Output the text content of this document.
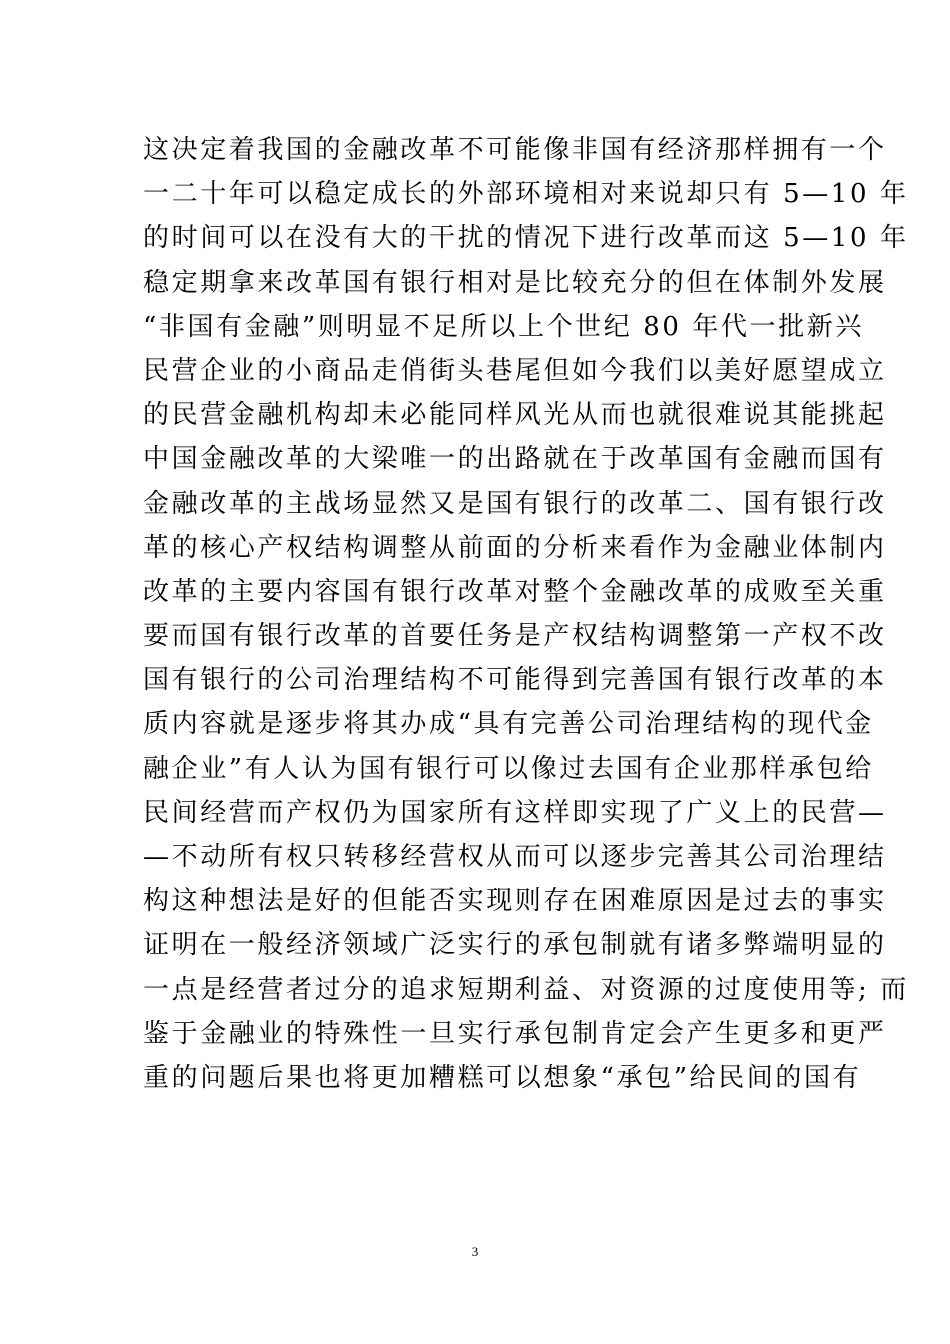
这决定着我国的金融改革不可能像非国有经济那样拥有一个
一二十年可以稳定成长的外部环境相对来说却只有 5—10 年
的时间可以在没有大的干扰的情况下进行改革而这 5—10 年
稳定期拿来改革国有银行相对是比较充分的但在体制外发展
“非国有金融”则明显不足所以上个世纪 80 年代一批新兴
民营企业的小商品走俏街头巷尾但如今我们以美好愿望成立
的民营金融机构却未必能同样风光从而也就很难说其能挑起
中国金融改革的大梁唯一的出路就在于改革国有金融而国有
金融改革的主战场显然又是国有银行的改革二、国有银行改
革的核心产权结构调整从前面的分析来看作为金融业体制内
改革的主要内容国有银行改革对整个金融改革的成败至关重
要而国有银行改革的首要任务是产权结构调整第一产权不改
国有银行的公司治理结构不可能得到完善国有银行改革的本
质内容就是逐步将其办成“具有完善公司治理结构的现代金
融企业”有人认为国有银行可以像过去国有企业那样承包给
民间经营而产权仍为国家所有这样即实现了广义上的民营—
—不动所有权只转移经营权从而可以逐步完善其公司治理结
构这种想法是好的但能否实现则存在困难原因是过去的事实
证明在一般经济领域广泛实行的承包制就有诸多弊端明显的
一点是经营者过分的追求短期利益、对资源的过度使用等; 而
鉴于金融业的特殊性一旦实行承包制肯定会产生更多和更严
重的问题后果也将更加糟糕可以想象“承包”给民间的国有
3
